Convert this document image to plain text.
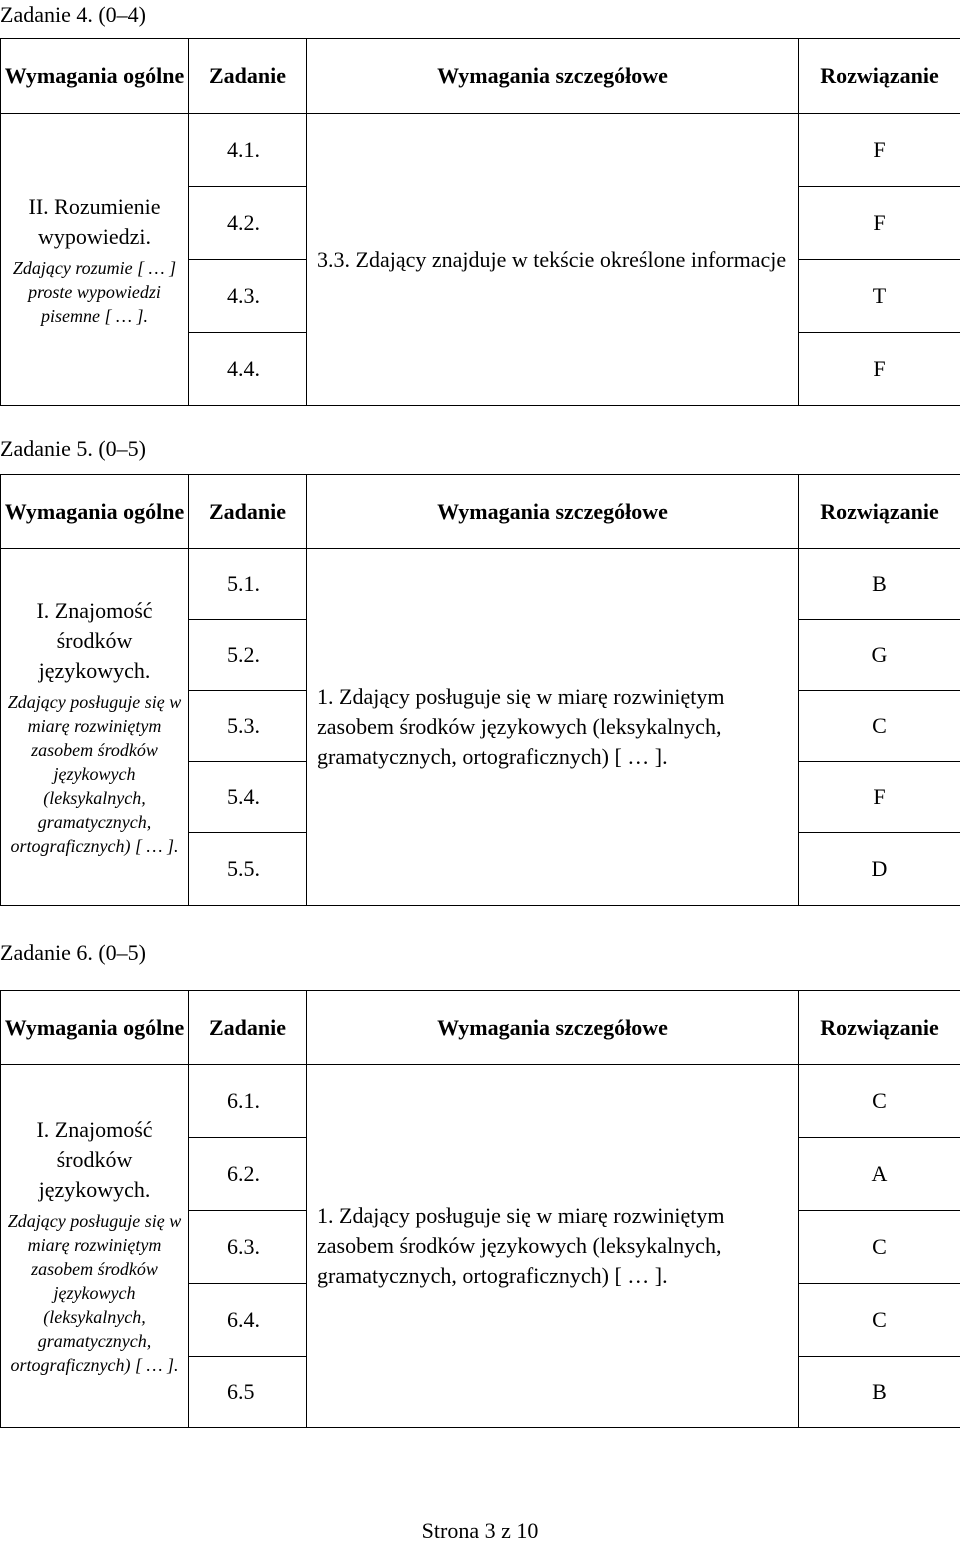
Zadanie 4. (0–4)
Wymagania ogólne	Zadanie	Wymagania szczegółowe	Rozwiązanie

II. Rozumienie wypowiedzi.
Zdający rozumie [ … ] proste wypowiedzi pisemne [ … ].	4.1.	3.3. Zdający znajduje w tekście określone informacje	F
	4.2.		F
	4.3.		T
	4.4.		F
Zadanie 5. (0–5)
Wymagania ogólne	Zadanie	Wymagania szczegółowe	Rozwiązanie

I. Znajomość środków językowych.
Zdający posługuje się w miarę rozwiniętym zasobem środków językowych (leksykalnych, gramatycznych, ortograficznych) [ … ].	5.1.	1. Zdający posługuje się w miarę rozwiniętym zasobem środków językowych (leksykalnych, gramatycznych, ortograficznych) [ … ].	B
	5.2.		G
	5.3.		C
	5.4.		F
	5.5.		D
Zadanie 6. (0–5)
Wymagania ogólne	Zadanie	Wymagania szczegółowe	Rozwiązanie

I. Znajomość środków językowych.
Zdający posługuje się w miarę rozwiniętym zasobem środków językowych (leksykalnych, gramatycznych, ortograficznych) [ … ].	6.1.	1. Zdający posługuje się w miarę rozwiniętym zasobem środków językowych (leksykalnych, gramatycznych, ortograficznych) [ … ].	C
	6.2.		A
	6.3.		C
	6.4.		C
	6.5		B
Strona 3 z 10
